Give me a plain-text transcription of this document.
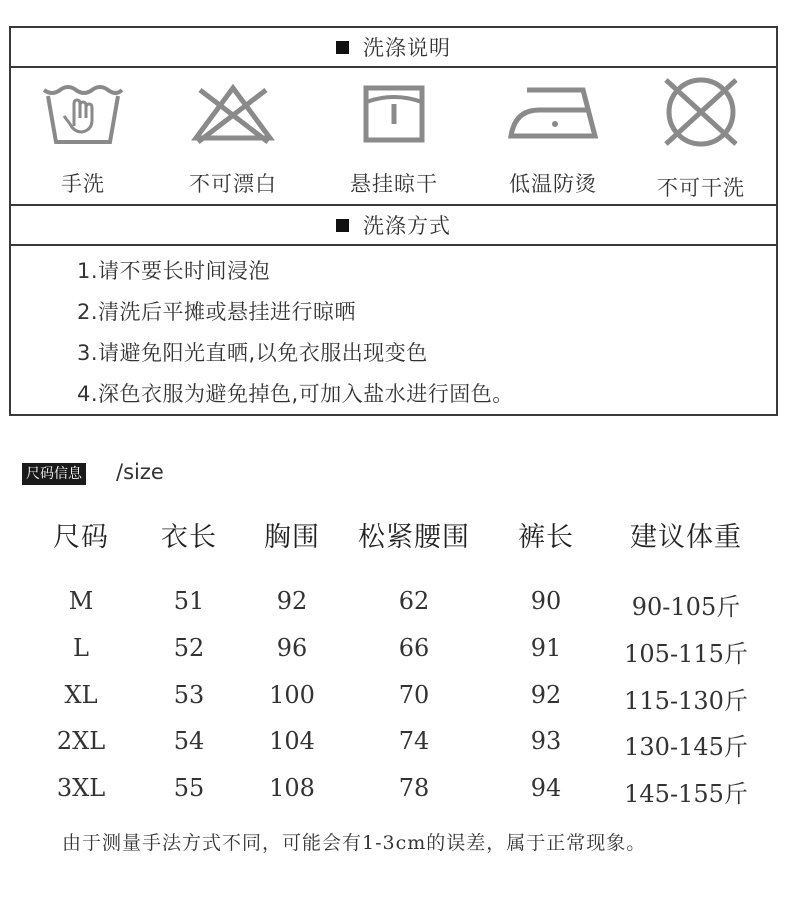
洗涤说明
手洗	不可漂白	悬挂晾干	低温防烫	不可干洗
洗涤方式
1.请不要长时间浸泡
2.清洗后平摊或悬挂进行晾晒
3.请避免阳光直晒,以免衣服出现变色
4.深色衣服为避免掉色,可加入盐水进行固色。
尺码信息 /size
尺码 衣长 胸围 松紧腰围 裤长 建议体重
M	51	92	62	90	90-105斤
L	52	96	66	91	105-115斤
XL	53	100	70	92	115-130斤
2XL	54	104	74	93	130-145斤
3XL	55	108	78	94	145-155斤
由于测量手法方式不同，可能会有1-3cm的误差，属于正常现象。
